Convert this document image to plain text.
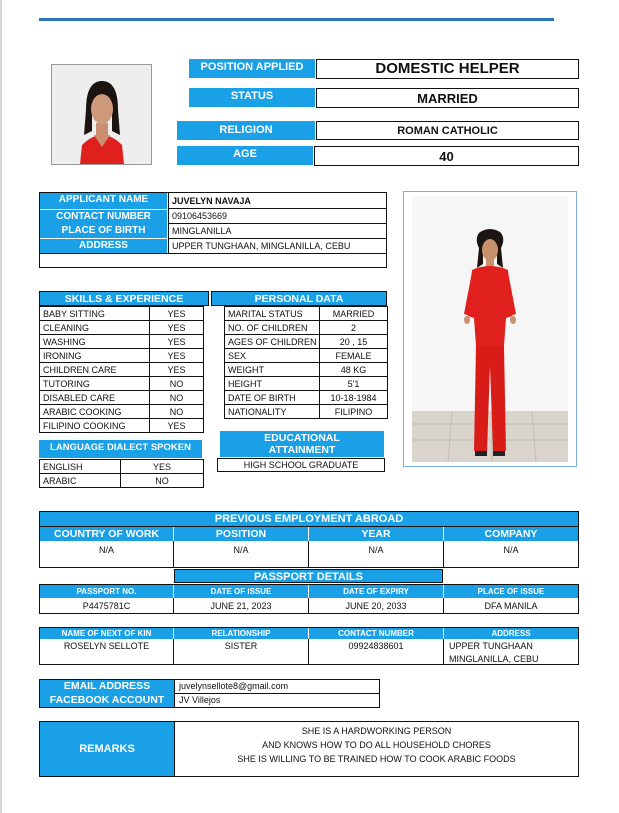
POSITION APPLIED	DOMESTIC HELPER
STATUS	MARRIED
RELIGION	ROMAN CATHOLIC
AGE	40
APPLICANT NAME	JUVELYN NAVAJA
CONTACT NUMBER	09106453669
PLACE OF BIRTH	MINGLANILLA
ADDRESS	UPPER TUNGHAAN, MINGLANILLA, CEBU
SKILLS & EXPERIENCE	PERSONAL DATA
BABY SITTING	YES
CLEANING	YES
WASHING	YES
IRONING	YES
CHILDREN CARE	YES
TUTORING	NO
DISABLED CARE	NO
ARABIC COOKING	NO
FILIPINO COOKING	YES
MARITAL STATUS	MARRIED
NO. OF CHILDREN	2
AGES OF CHILDREN	20 , 15
SEX	FEMALE
WEIGHT	48 KG
HEIGHT	5'1
DATE OF BIRTH	10-18-1984
NATIONALITY	FILIPINO
LANGUAGE DIALECT SPOKEN
ENGLISH	YES
ARABIC	NO
EDUCATIONAL ATTAINMENT
HIGH SCHOOL GRADUATE
PREVIOUS EMPLOYMENT ABROAD
COUNTRY OF WORK	POSITION	YEAR	COMPANY
N/A	N/A	N/A	N/A
PASSPORT DETAILS
PASSPORT NO.	DATE OF ISSUE	DATE OF EXPIRY	PLACE OF ISSUE
P4475781C	JUNE 21, 2023	JUNE 20, 2033	DFA MANILA
NAME OF NEXT OF KIN	RELATIONSHIP	CONTACT NUMBER	ADDRESS
ROSELYN SELLOTE	SISTER	09924838601	UPPER TUNGHAAN
MINGLANILLA, CEBU
EMAIL ADDRESS	juvelynsellote8@gmail.com
FACEBOOK ACCOUNT	JV Villejos
REMARKS
SHE IS A HARDWORKING PERSON
AND KNOWS HOW TO DO ALL HOUSEHOLD CHORES
SHE IS WILLING TO BE TRAINED HOW TO COOK ARABIC FOODS
